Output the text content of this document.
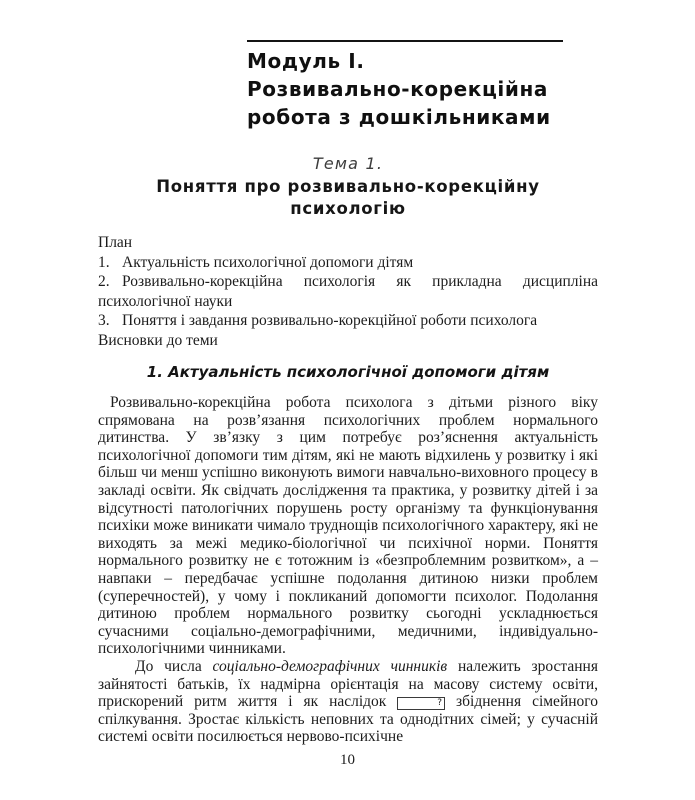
Модуль І.
Розвивально-корекційна
робота з дошкільниками
Тема 1.
Поняття про розвивально-корекційну
психологію

План

1. Актуальність психологічної допомоги дітям

2. Розвивально-корекційна психологія як прикладна дисципліна психологічної науки

3. Поняття і завдання розвивально-корекційної роботи психолога

Висновки до теми

1. Актуальність психологічної допомоги дітям

Розвивально-корекційна робота психолога з дітьми різного віку спрямована на розв’язання психологічних проблем нормального дитинства. У зв’язку з цим потребує роз’яснення актуальність психологічної допомоги тим дітям, які не мають відхилень у розвитку і які більш чи менш успішно виконують вимоги навчально-виховного процесу в закладі освіти. Як свідчать дослідження та практика, у розвитку дітей і за відсутності патологічних порушень росту організму та функціонування психіки може виникати чимало труднощів психологічного характеру, які не виходять за межі медико-біологічної чи психічної норми. Поняття нормального розвитку не є тотожним із «безпроблемним розвитком», а – навпаки – передбачає успішне подолання дитиною низки проблем (суперечностей), у чому і покликаний допомогти психолог. Подолання дитиною проблем нормального розвитку сьогодні ускладнюється сучасними соціально-демографічними, медичними, індивідуально-психологічними чинниками.

До числа соціально-демографічних чинників належить зростання зайнятості батьків, їх надмірна орієнтація на масову систему освіти, прискорений ритм життя і як наслідок	? збіднення сімейного спілкування. Зростає кількість неповних та однодітних сімей; у сучасній системі освіти посилюється нервово-психічне

10
